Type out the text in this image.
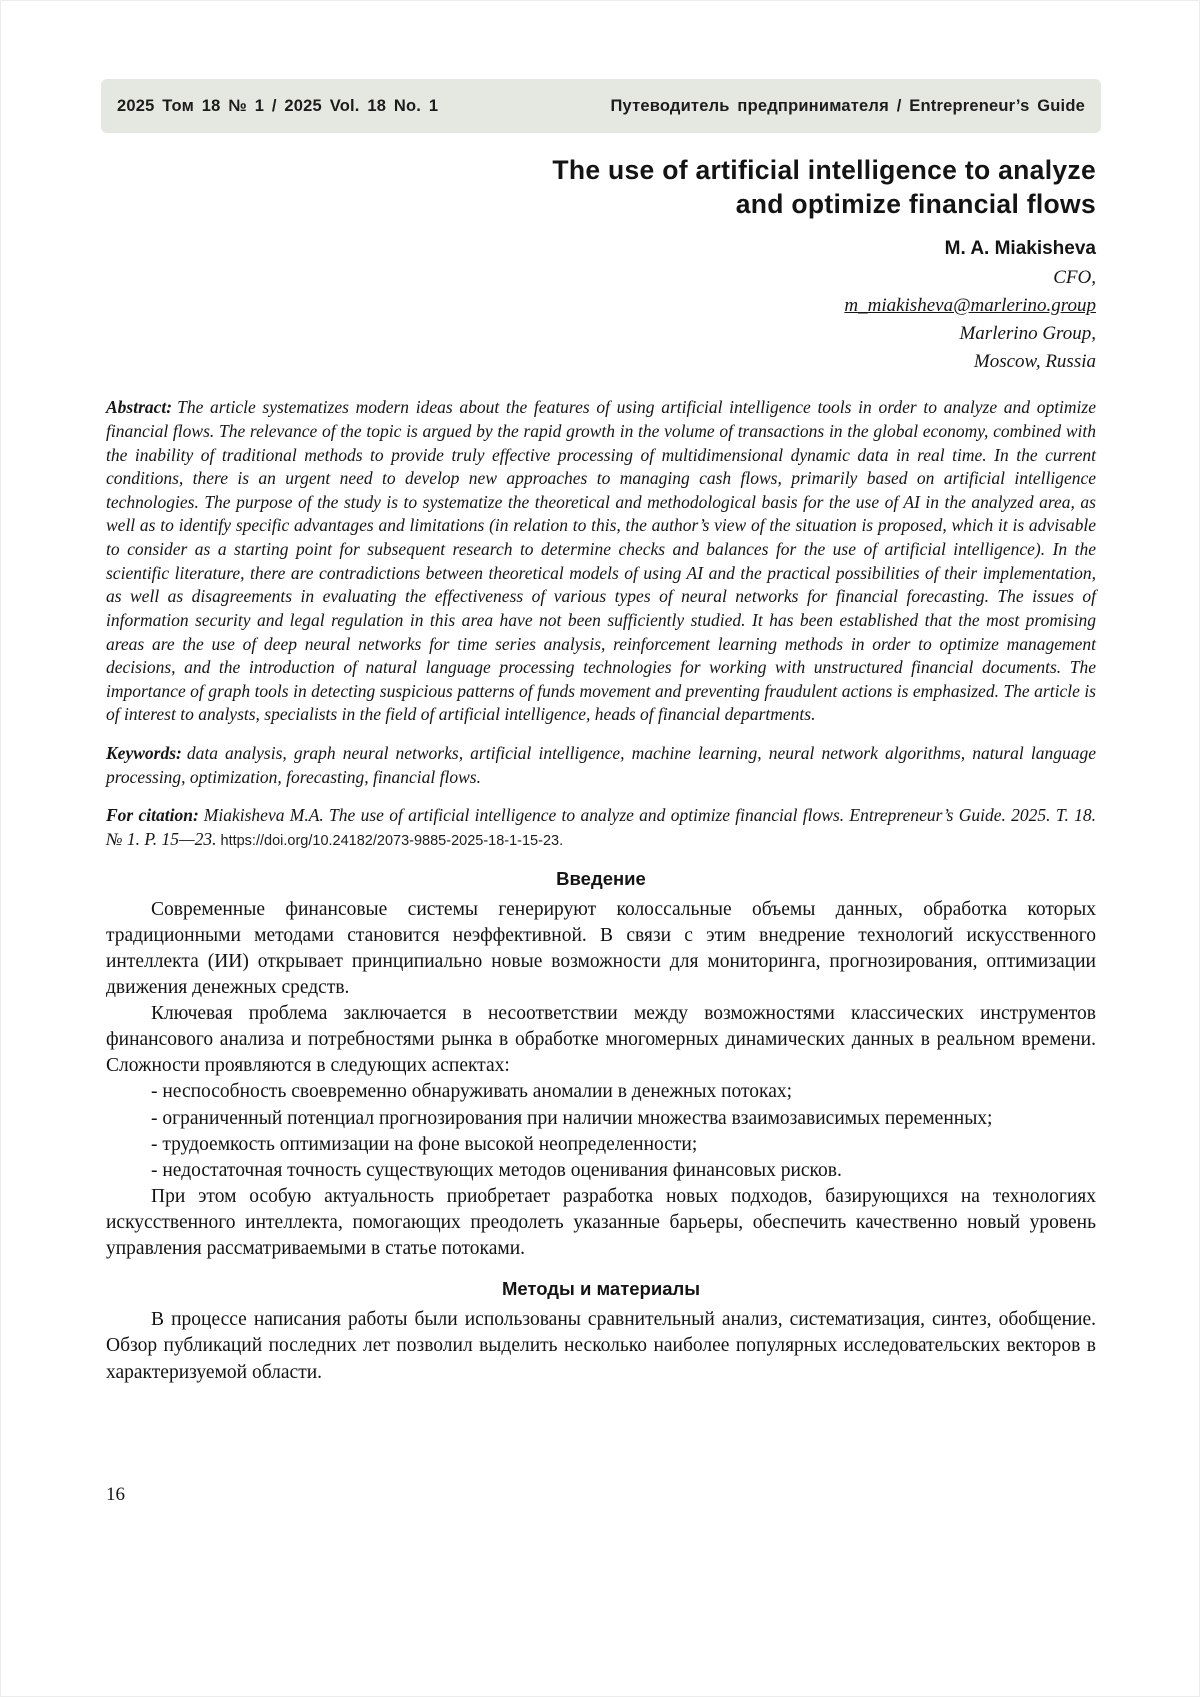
2025 Том 18 № 1 / 2025 Vol. 18 No. 1	Путеводитель предпринимателя / Entrepreneur’s Guide
The use of artificial intelligence to analyze
and optimize financial flows
M. A. Miakisheva
CFO,
m_miakisheva@marlerino.group
Marlerino Group,
Moscow, Russia

Abstract: The article systematizes modern ideas about the features of using artificial intelligence tools in order to analyze and optimize financial flows. The relevance of the topic is argued by the rapid growth in the volume of transactions in the global economy, combined with the inability of traditional methods to provide truly effective processing of multidimensional dynamic data in real time. In the current conditions, there is an urgent need to develop new approaches to managing cash flows, primarily based on artificial intelligence technologies. The purpose of the study is to systematize the theoretical and methodological basis for the use of AI in the analyzed area, as well as to identify specific advantages and limitations (in relation to this, the author’s view of the situation is proposed, which it is advisable to consider as a starting point for subsequent research to determine checks and balances for the use of artificial intelligence). In the scientific literature, there are contradictions between theoretical models of using AI and the practical possibilities of their implementation, as well as disagreements in evaluating the effectiveness of various types of neural networks for financial forecasting. The issues of information security and legal regulation in this area have not been sufficiently studied. It has been established that the most promising areas are the use of deep neural networks for time series analysis, reinforcement learning methods in order to optimize management decisions, and the introduction of natural language processing technologies for working with unstructured financial documents. The importance of graph tools in detecting suspicious patterns of funds movement and preventing fraudulent actions is emphasized. The article is of interest to analysts, specialists in the field of artificial intelligence, heads of financial departments.

Keywords: data analysis, graph neural networks, artificial intelligence, machine learning, neural network algorithms, natural language processing, optimization, forecasting, financial flows.

For citation: Miakisheva M.A. The use of artificial intelligence to analyze and optimize financial flows. Entrepreneur’s Guide. 2025. Т. 18. № 1. P. 15—23. https://doi.org/10.24182/2073-9885-2025-18-1-15-23.

Введение

Современные финансовые системы генерируют колоссальные объемы данных, обработка которых традиционными методами становится неэффективной. В связи с этим внедрение технологий искусственного интеллекта (ИИ) открывает принципиально новые возможности для мониторинга, прогнозирования, оптимизации движения денежных средств.

Ключевая проблема заключается в несоответствии между возможностями классических инструментов финансового анализа и потребностями рынка в обработке многомерных динамических данных в реальном времени. Сложности проявляются в следующих аспектах:

- неспособность своевременно обнаруживать аномалии в денежных потоках;

- ограниченный потенциал прогнозирования при наличии множества взаимозависимых переменных;

- трудоемкость оптимизации на фоне высокой неопределенности;

- недостаточная точность существующих методов оценивания финансовых рисков.

При этом особую актуальность приобретает разработка новых подходов, базирующихся на технологиях искусственного интеллекта, помогающих преодолеть указанные барьеры, обеспечить качественно новый уровень управления рассматриваемыми в статье потоками.

Методы и материалы

В процессе написания работы были использованы сравнительный анализ, систематизация, синтез, обобщение. Обзор публикаций последних лет позволил выделить несколько наиболее популярных исследовательских векторов в характеризуемой области.

16
